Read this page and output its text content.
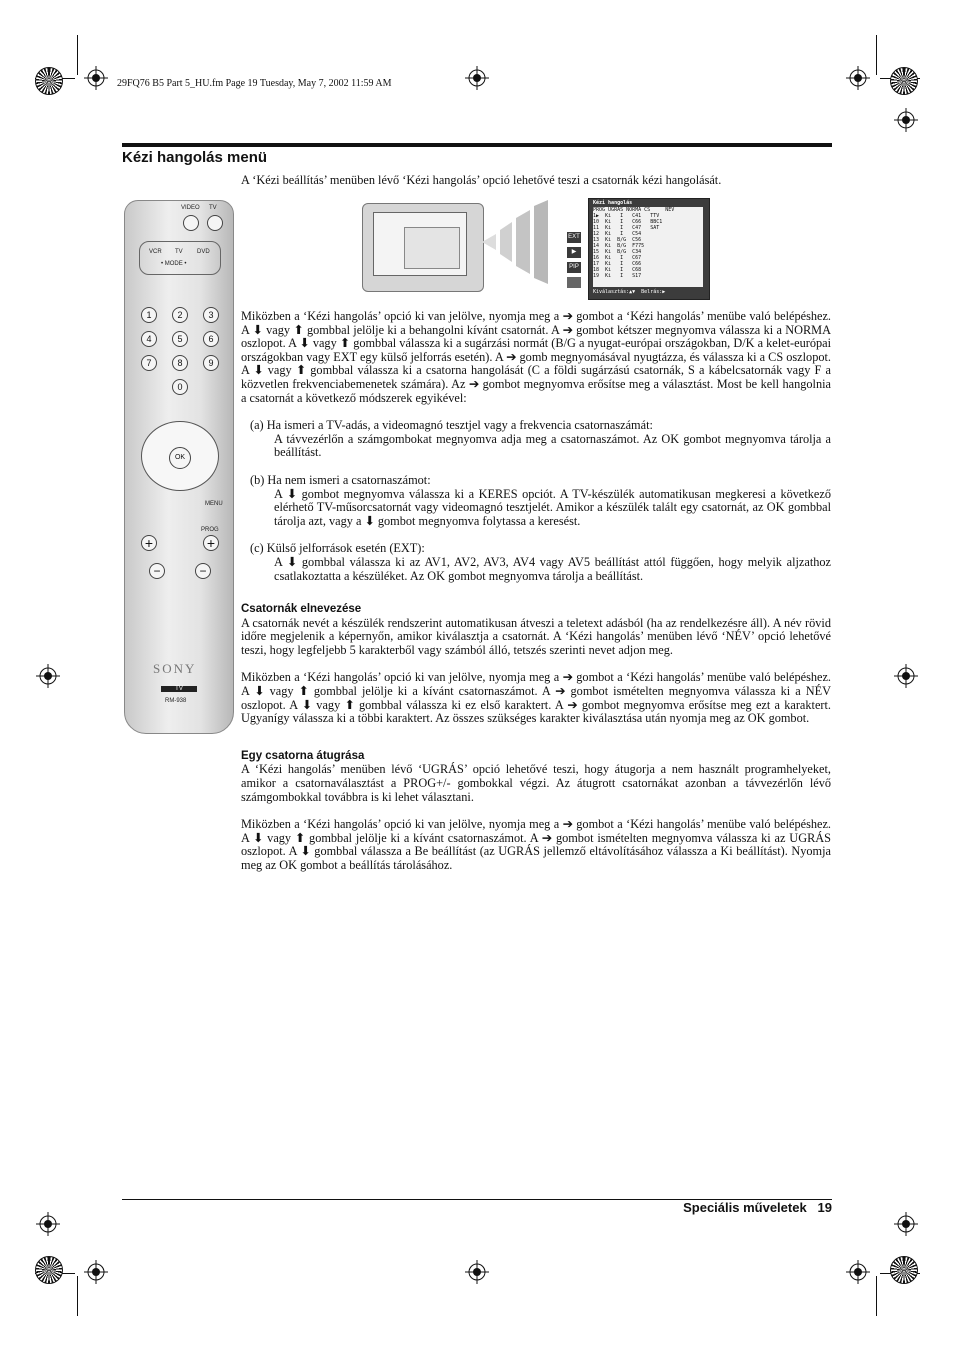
29FQ76 B5 Part 5_HU.fm Page 19 Tuesday, May 7, 2002 11:59 AM
Kézi hangolás menü
A ‘Kézi beállítás’ menüben lévő ‘Kézi hangolás’ opció lehetővé teszi a csatornák kézi hangolását.
EXT
▶
PIP
Kézi hangolás
PROG UGRÁS NORMA CS     NÉV
1▶  Ki   I   C41   TTV
10  Ki   I   C66   BBC1
11  Ki   I   C47   SAT
12  Ki   I   C54
13  Ki  B/G  C56
14  Ki  B/G  F775
15  Ki  B/G  C34
16  Ki   I   C67
17  Ki   I   C66
18  Ki   I   C68
19  Ki   I   S17
Kiválasztás:▲▼  Belrás:▶
VIDEO TV
VCR TV DVD
• MODE •
1	2	3
4	5	6
7	8	9
0
OK
MENU
PROG
+	+
−	−
SONY
TV
RM-938

Miközben a ‘Kézi hangolás’ opció ki van jelölve, nyomja meg a ➔ gombot a ‘Kézi hangolás’ menübe való belépéshez. A ⬇ vagy ⬆ gombbal jelölje ki a behangolni kívánt csatornát. A ➔ gombot kétszer megnyomva válassza ki a NORMA oszlopot. A ⬇ vagy ⬆ gombbal válassza ki a sugárzási normát (B/G a nyugat-európai országokban, D/K a kelet-európai országokban vagy EXT egy külső jelforrás esetén). A ➔ gomb megnyomásával nyugtázza, és válassza ki a CS oszlopot. A ⬇ vagy ⬆ gombbal válassza ki a csatorna hangolását (C a földi sugárzású csatornák, S a kábelcsatornák vagy F a közvetlen frekvenciabemenetek számára). Az ➔ gombot megnyomva erősítse meg a választást. Most be kell hangolnia a csatornát a következő módszerek egyikével:

(a) Ha ismeri a TV-adás, a videomagnó tesztjel vagy a frekvencia csatornaszámát:

A távvezérlőn a számgombokat megnyomva adja meg a csatornaszámot. Az OK gombot megnyomva tárolja a beállítást.

(b) Ha nem ismeri a csatornaszámot:

A ⬇ gombot megnyomva válassza ki a KERES opciót. A TV-készülék automatikusan megkeresi a következő elérhető TV-műsorcsatornát vagy videomagnó tesztjelét. Amikor a készülék talált egy csatornát, az OK gombbal tárolja azt, vagy a ⬇ gombot megnyomva folytassa a keresést.

(c) Külső jelforrások esetén (EXT):

A ⬇ gombbal válassza ki az AV1, AV2, AV3, AV4 vagy AV5 beállítást attól függően, hogy melyik aljzathoz csatlakoztatta a készüléket. Az OK gombot megnyomva tárolja a beállítást.

Csatornák elnevezése

A csatornák nevét a készülék rendszerint automatikusan átveszi a teletext adásból (ha az rendelkezésre áll). A név rövid időre megjelenik a képernyőn, amikor kiválasztja a csatornát. A ‘Kézi hangolás’ menüben lévő ‘NÉV’ opció lehetővé teszi, hogy legfeljebb 5 karakterből vagy számból álló, tetszés szerinti nevet adjon meg.

Miközben a ‘Kézi hangolás’ opció ki van jelölve, nyomja meg a ➔ gombot a ‘Kézi hangolás’ menübe való belépéshez. A ⬇ vagy ⬆ gombbal jelölje ki a kívánt csatornaszámot. A ➔ gombot ismételten megnyomva válassza ki a NÉV oszlopot. A ⬇ vagy ⬆ gombbal válassza ki ez első karaktert. A ➔ gombot megnyomva erősítse meg ezt a karaktert. Ugyanígy válassza ki a többi karaktert. Az összes szükséges karakter kiválasztása után nyomja meg az OK gombot.

Egy csatorna átugrása

A ‘Kézi hangolás’ menüben lévő ‘UGRÁS’ opció lehetővé teszi, hogy átugorja a nem használt programhelyeket, amikor a csatornaválasztást a PROG+/- gombokkal végzi. Az átugrott csatornákat azonban a távvezérlőn lévő számgombokkal továbbra is ki lehet választani.

Miközben a ‘Kézi hangolás’ opció ki van jelölve, nyomja meg a ➔ gombot a ‘Kézi hangolás’ menübe való belépéshez. A ⬇ vagy ⬆ gombbal jelölje ki a kívánt csatornaszámot. A ➔ gombot ismételten megnyomva válassza ki az UGRÁS oszlopot. A ⬇ gombbal válassza a Be beállítást (az UGRÁS jellemző eltávolításához válassza a Ki beállítást). Nyomja meg az OK gombot a beállítás tárolásához.

Speciális műveletek 19
